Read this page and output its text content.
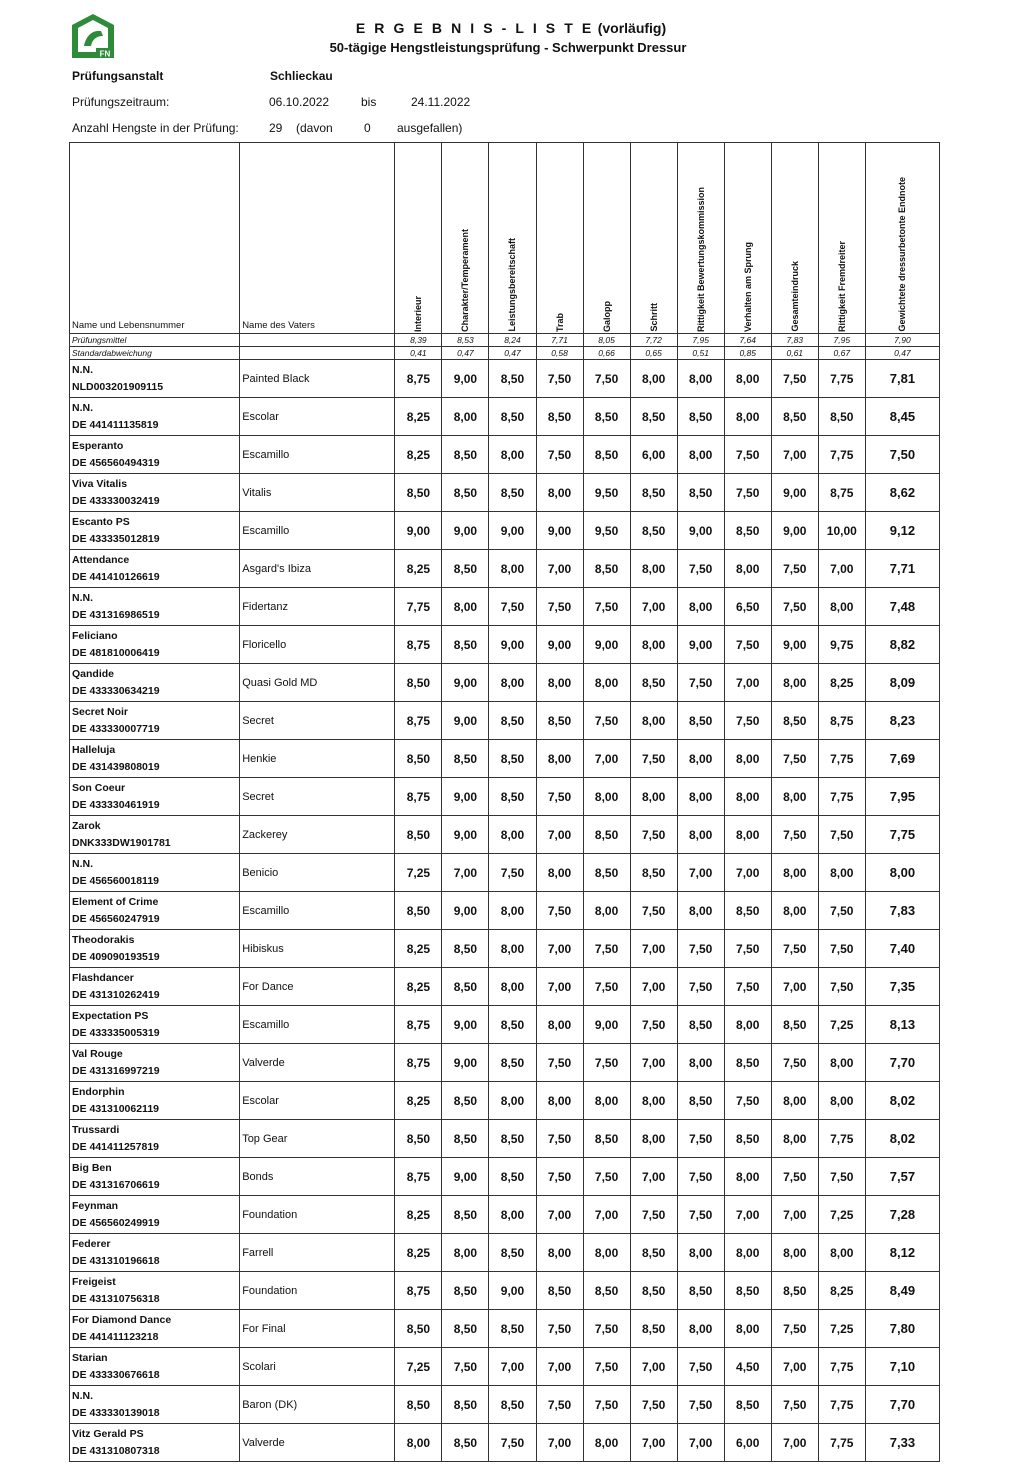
FN
E R G E B N I S - L I S T E (vorläufig)
50-tägige Hengstleistungsprüfung - Schwerpunkt Dressur
Prüfungsanstalt	Schlieckau
Prüfungszeitraum:	06.10.2022	bis	24.11.2022
Anzahl Hengste in der Prüfung:	29 (davon	0 ausgefallen)
Name und Lebensnummer	Name des Vaters	Interieur	Charakter/Temperament	Leistungsbereitschaft	Trab	Galopp	Schritt	Rittigkeit Bewertungskommission	Verhalten am Sprung	Gesamteindruck	Rittigkeit Fremdreiter	Gewichtete dressurbetonte Endnote

Prüfungsmittel		8,39	8,53	8,24	7,71	8,05	7,72	7,95	7,64	7,83	7,95	7,90
Standardabweichung		0,41	0,47	0,47	0,58	0,66	0,65	0,51	0,85	0,61	0,67	0,47

N.N.
NLD003201909115	Painted Black	8,75	9,00	8,50	7,50	7,50	8,00	8,00	8,00	7,50	7,75	7,81

N.N.
DE 441411135819	Escolar	8,25	8,00	8,50	8,50	8,50	8,50	8,50	8,00	8,50	8,50	8,45

Esperanto
DE 456560494319	Escamillo	8,25	8,50	8,00	7,50	8,50	6,00	8,00	7,50	7,00	7,75	7,50

Viva Vitalis
DE 433330032419	Vitalis	8,50	8,50	8,50	8,00	9,50	8,50	8,50	7,50	9,00	8,75	8,62

Escanto PS
DE 433335012819	Escamillo	9,00	9,00	9,00	9,00	9,50	8,50	9,00	8,50	9,00	10,00	9,12

Attendance
DE 441410126619	Asgard's Ibiza	8,25	8,50	8,00	7,00	8,50	8,00	7,50	8,00	7,50	7,00	7,71

N.N.
DE 431316986519	Fidertanz	7,75	8,00	7,50	7,50	7,50	7,00	8,00	6,50	7,50	8,00	7,48

Feliciano
DE 481810006419	Floricello	8,75	8,50	9,00	9,00	9,00	8,00	9,00	7,50	9,00	9,75	8,82

Qandide
DE 433330634219	Quasi Gold MD	8,50	9,00	8,00	8,00	8,00	8,50	7,50	7,00	8,00	8,25	8,09

Secret Noir
DE 433330007719	Secret	8,75	9,00	8,50	8,50	7,50	8,00	8,50	7,50	8,50	8,75	8,23

Halleluja
DE 431439808019	Henkie	8,50	8,50	8,50	8,00	7,00	7,50	8,00	8,00	7,50	7,75	7,69

Son Coeur
DE 433330461919	Secret	8,75	9,00	8,50	7,50	8,00	8,00	8,00	8,00	8,00	7,75	7,95

Zarok
DNK333DW1901781	Zackerey	8,50	9,00	8,00	7,00	8,50	7,50	8,00	8,00	7,50	7,50	7,75

N.N.
DE 456560018119	Benicio	7,25	7,00	7,50	8,00	8,50	8,50	7,00	7,00	8,00	8,00	8,00

Element of Crime
DE 456560247919	Escamillo	8,50	9,00	8,00	7,50	8,00	7,50	8,00	8,50	8,00	7,50	7,83

Theodorakis
DE 409090193519	Hibiskus	8,25	8,50	8,00	7,00	7,50	7,00	7,50	7,50	7,50	7,50	7,40

Flashdancer
DE 431310262419	For Dance	8,25	8,50	8,00	7,00	7,50	7,00	7,50	7,50	7,00	7,50	7,35

Expectation PS
DE 433335005319	Escamillo	8,75	9,00	8,50	8,00	9,00	7,50	8,50	8,00	8,50	7,25	8,13

Val Rouge
DE 431316997219	Valverde	8,75	9,00	8,50	7,50	7,50	7,00	8,00	8,50	7,50	8,00	7,70

Endorphin
DE 431310062119	Escolar	8,25	8,50	8,00	8,00	8,00	8,00	8,50	7,50	8,00	8,00	8,02

Trussardi
DE 441411257819	Top Gear	8,50	8,50	8,50	7,50	8,50	8,00	7,50	8,50	8,00	7,75	8,02

Big Ben
DE 431316706619	Bonds	8,75	9,00	8,50	7,50	7,50	7,00	7,50	8,00	7,50	7,50	7,57

Feynman
DE 456560249919	Foundation	8,25	8,50	8,00	7,00	7,00	7,50	7,50	7,00	7,00	7,25	7,28

Federer
DE 431310196618	Farrell	8,25	8,00	8,50	8,00	8,00	8,50	8,00	8,00	8,00	8,00	8,12

Freigeist
DE 431310756318	Foundation	8,75	8,50	9,00	8,50	8,50	8,50	8,50	8,50	8,50	8,25	8,49

For Diamond Dance
DE 441411123218	For Final	8,50	8,50	8,50	7,50	7,50	8,50	8,00	8,00	7,50	7,25	7,80

Starian
DE 433330676618	Scolari	7,25	7,50	7,00	7,00	7,50	7,00	7,50	4,50	7,00	7,75	7,10

N.N.
DE 433330139018	Baron (DK)	8,50	8,50	8,50	7,50	7,50	7,50	7,50	8,50	7,50	7,75	7,70

Vitz Gerald PS
DE 431310807318	Valverde	8,00	8,50	7,50	7,00	8,00	7,00	7,00	6,00	7,00	7,75	7,33
